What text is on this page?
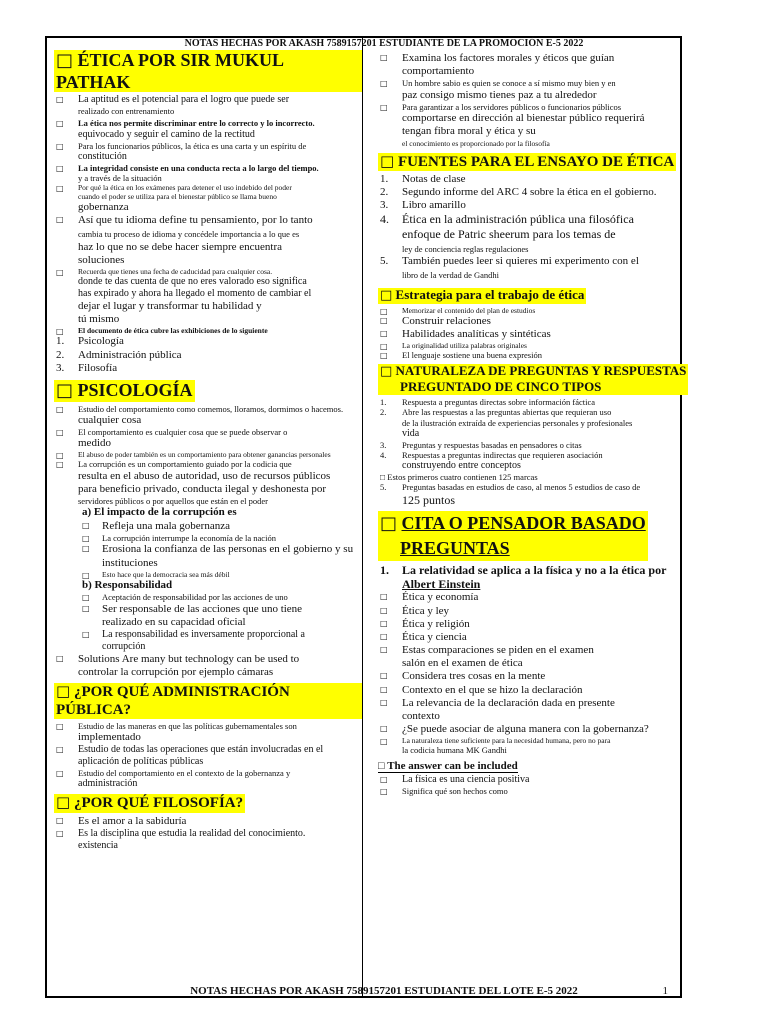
NOTAS HECHAS POR AKASH 7589157201 ESTUDIANTE DE LA PROMOCIÓN E-5 2022
NOTAS HECHAS POR AKASH 7589157201 ESTUDIANTE DEL LOTE E-5 2022	1
□ ÉTICA POR SIR MUKUL PATHAK
□ La aptitud es el potencial para el logro que puede ser
realizado con entrenamiento
□ La ética nos permite discriminar entre lo correcto y lo incorrecto.
equivocado y seguir el camino de la rectitud
□ Para los funcionarios públicos, la ética es una carta y un espíritu de
constitución
□ La integridad consiste en una conducta recta a lo largo del tiempo.
y a través de la situación
□ Por qué la ética en los exámenes para detener el uso indebido del poder
cuando el poder se utiliza para el bienestar público se llama bueno
gobernanza
□ Así que tu idioma define tu pensamiento, por lo tanto
cambia tu proceso de idioma y concédele importancia a lo que es
haz lo que no se debe hacer siempre encuentra
soluciones
□ Recuerda que tienes una fecha de caducidad para cualquier cosa.
donde te das cuenta de que no eres valorado eso significa
has expirado y ahora ha llegado el momento de cambiar el
dejar el lugar y transformar tu habilidad y
tú mismo
□ El documento de ética cubre las exhibiciones de lo siguiente
1. Psicología
2. Administración pública
3. Filosofía
□ PSICOLOGÍA
□ Estudio del comportamiento como comemos, lloramos, dormimos o hacemos.
cualquier cosa
□ El comportamiento es cualquier cosa que se puede observar o
medido
□ El abuso de poder también es un comportamiento para obtener ganancias personales
□ La corrupción es un comportamiento guiado por la codicia que
resulta en el abuso de autoridad, uso de recursos públicos
para beneficio privado, conducta ilegal y deshonesta por
servidores públicos o por aquellos que están en el poder
a) El impacto de la corrupción es
□ Refleja una mala gobernanza
□ La corrupción interrumpe la economía de la nación
□ Erosiona la confianza de las personas en el gobierno y su
instituciones
□ Esto hace que la democracia sea más débil
b) Responsabilidad
□ Aceptación de responsabilidad por las acciones de uno
□ Ser responsable de las acciones que uno tiene
realizado en su capacidad oficial
□ La responsabilidad es inversamente proporcional a
corrupción
□ Solutions Are many but technology can be used to
controlar la corrupción por ejemplo cámaras
□ ¿POR QUÉ ADMINISTRACIÓN PÚBLICA?
□ Estudio de las maneras en que las políticas gubernamentales son
implementado
□ Estudio de todas las operaciones que están involucradas en el
aplicación de políticas públicas
□ Estudio del comportamiento en el contexto de la gobernanza y
administración
□ ¿POR QUÉ FILOSOFÍA?
□ Es el amor a la sabiduría
□ Es la disciplina que estudia la realidad del conocimiento.
existencia
□ Examina los factores morales y éticos que guían
comportamiento
□ Un hombre sabio es quien se conoce a sí mismo muy bien y en
paz consigo mismo tienes paz a tu alrededor
□ Para garantizar a los servidores públicos o funcionarios públicos
comportarse en dirección al bienestar público requerirá
tengan fibra moral y ética y su
el conocimiento es proporcionado por la filosofía
□ FUENTES PARA EL ENSAYO DE ÉTICA
1. Notas de clase
2. Segundo informe del ARC 4 sobre la ética en el gobierno.
3. Libro amarillo
4. Ética en la administración pública una filosófica
enfoque de Patric sheerum para los temas de
ley de conciencia reglas regulaciones
5. También puedes leer si quieres mi experimento con el
libro de la verdad de Gandhi
□ Estrategia para el trabajo de ética
□ Memorizar el contenido del plan de estudios
□ Construir relaciones
□ Habilidades analíticas y sintéticas
□ La originalidad utiliza palabras originales
□ El lenguaje sostiene una buena expresión
□ NATURALEZA DE PREGUNTAS Y RESPUESTAS
PREGUNTADO DE CINCO TIPOS
1. Respuesta a preguntas directas sobre información fáctica
2. Abre las respuestas a las preguntas abiertas que requieran uso
de la ilustración extraída de experiencias personales y profesionales
vida
3. Preguntas y respuestas basadas en pensadores o citas
4. Respuestas a preguntas indirectas que requieren asociación
construyendo entre conceptos
□ Estos primeros cuatro contienen 125 marcas
5. Preguntas basadas en estudios de caso, al menos 5 estudios de caso de
125 puntos
□ CITA O PENSADOR BASADO
PREGUNTAS
1. La relatividad se aplica a la física y no a la ética por
Albert Einstein
□ Ética y economía
□ Ética y ley
□ Ética y religión
□ Ética y ciencia
□ Estas comparaciones se piden en el examen
salón en el examen de ética
□ Considera tres cosas en la mente
□ Contexto en el que se hizo la declaración
□ La relevancia de la declaración dada en presente
contexto
□ ¿Se puede asociar de alguna manera con la gobernanza?
□ La naturaleza tiene suficiente para la necesidad humana, pero no para
la codicia humana MK Gandhi
□ The answer can be included
□ La física es una ciencia positiva
□ Significa qué son hechos como
